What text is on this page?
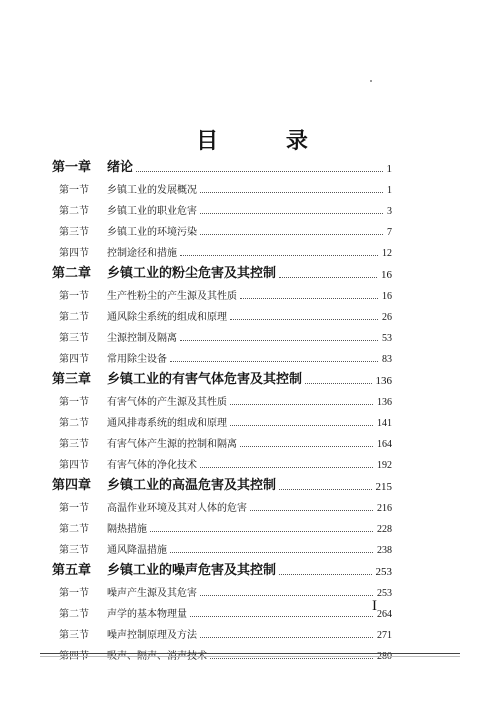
目 录
第一章	绪论	1
第一节	乡镇工业的发展概况	1
第二节	乡镇工业的职业危害	3
第三节	乡镇工业的环境污染	7
第四节	控制途径和措施	12
第二章	乡镇工业的粉尘危害及其控制	16
第一节	生产性粉尘的产生源及其性质	16
第二节	通风除尘系统的组成和原理	26
第三节	尘源控制及隔离	53
第四节	常用除尘设备	83
第三章	乡镇工业的有害气体危害及其控制	136
第一节	有害气体的产生源及其性质	136
第二节	通风排毒系统的组成和原理	141
第三节	有害气体产生源的控制和隔离	164
第四节	有害气体的净化技术	192
第四章	乡镇工业的高温危害及其控制	215
第一节	高温作业环境及其对人体的危害	216
第二节	隔热措施	228
第三节	通风降温措施	238
第五章	乡镇工业的噪声危害及其控制	253
第一节	噪声产生源及其危害	253
第二节	声学的基本物理量	264
第三节	噪声控制原理及方法	271
第四节	吸声、隔声、消声技术	280
I
